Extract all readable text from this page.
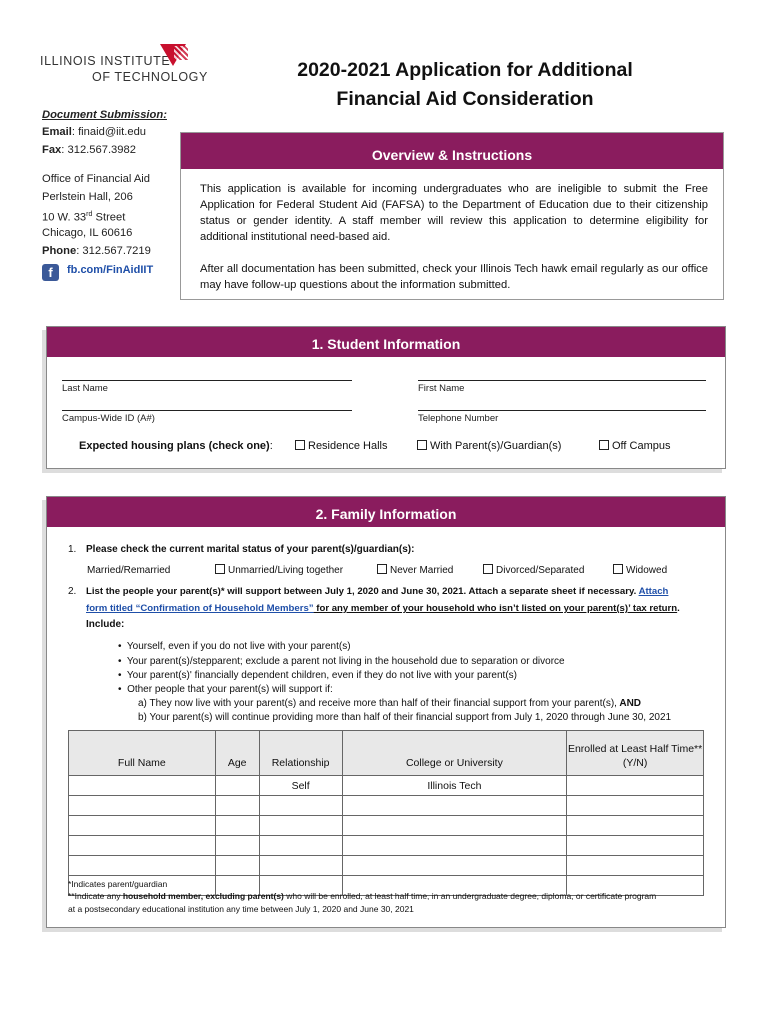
ILLINOIS INSTITUTE
OF TECHNOLOGY	2020-2021 Application for Additional
Financial Aid Consideration
Document Submission:
Email: finaid@iit.edu
Fax: 312.567.3982
Office of Financial Aid
Perlstein Hall, 206
10 W. 33rd Street
Chicago, IL 60616
Phone: 312.567.7219
f	fb.com/FinAidIIT
Overview & Instructions
This application is available for incoming undergraduates who are ineligible to submit the Free Application for Federal Student Aid (FAFSA) to the Department of Education due to their citizenship status or gender identity. A staff member will review this application to determine eligibility for additional institutional need-based aid.
After all documentation has been submitted, check your Illinois Tech hawk email regularly as our office may have follow-up questions about the information submitted.
1. Student Information
Last Name	First Name
Campus-Wide ID (A#)	Telephone Number
Expected housing plans (check one):	Residence Halls	With Parent(s)/Guardian(s)	Off Campus
2. Family Information
1. Please check the current marital status of your parent(s)/guardian(s):
Married/Remarried	Unmarried/Living together	Never Married	Divorced/Separated	Widowed
2. List the people your parent(s)* will support between July 1, 2020 and June 30, 2021. Attach a separate sheet if necessary. Attach
form titled “Confirmation of Household Members” for any member of your household who isn’t listed on your parent(s)’ tax return.
Include:
•  Yourself, even if you do not live with your parent(s)
•  Your parent(s)/stepparent; exclude a parent not living in the household due to separation or divorce
•  Your parent(s)' financially dependent children, even if they do not live with your parent(s)
•  Other people that your parent(s) will support if:
a) They now live with your parent(s) and receive more than half of their financial support from your parent(s), AND
b) Your parent(s) will continue providing more than half of their financial support from July 1, 2020 through June 30, 2021
Full Name	Age	Relationship	College or University	Enrolled at Least Half Time** (Y/N)
		Self	Illinois Tech	

*Indicates parent/guardian
**Indicate any household member, excluding parent(s) who will be enrolled, at least half time, in an undergraduate degree, diploma, or certificate program
at a postsecondary educational institution any time between July 1, 2020 and June 30, 2021
